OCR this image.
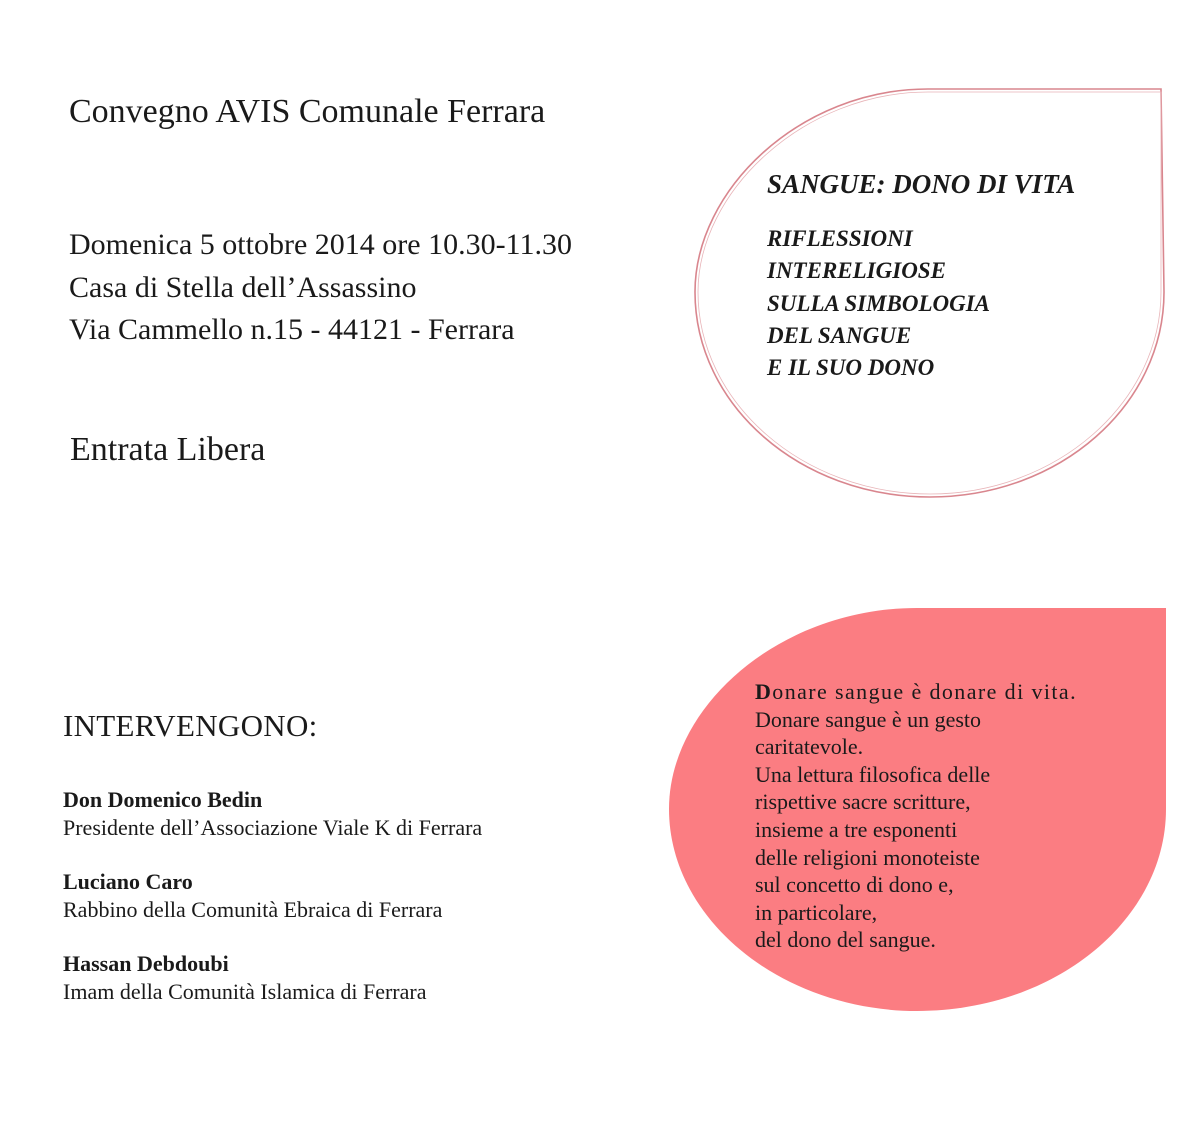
Convegno AVIS Comunale Ferrara
Domenica 5 ottobre 2014 ore 10.30-11.30
Casa di Stella dell’Assassino
Via Cammello n.15 - 44121 - Ferrara
Entrata Libera
SANGUE: DONO DI VITA
RIFLESSIONI
INTERELIGIOSE
SULLA SIMBOLOGIA
DEL SANGUE
E IL SUO DONO
INTERVENGONO:
Don Domenico Bedin
Presidente dell’Associazione Viale K di Ferrara
Luciano Caro
Rabbino della Comunità Ebraica di Ferrara
Hassan Debdoubi
Imam della Comunità Islamica di Ferrara
Donare sangue è donare di vita.
Donare sangue è un gesto
caritatevole.
Una lettura filosofica delle
rispettive sacre scritture,
insieme a tre esponenti
delle religioni monoteiste
sul concetto di dono e,
in particolare,
del dono del sangue.
